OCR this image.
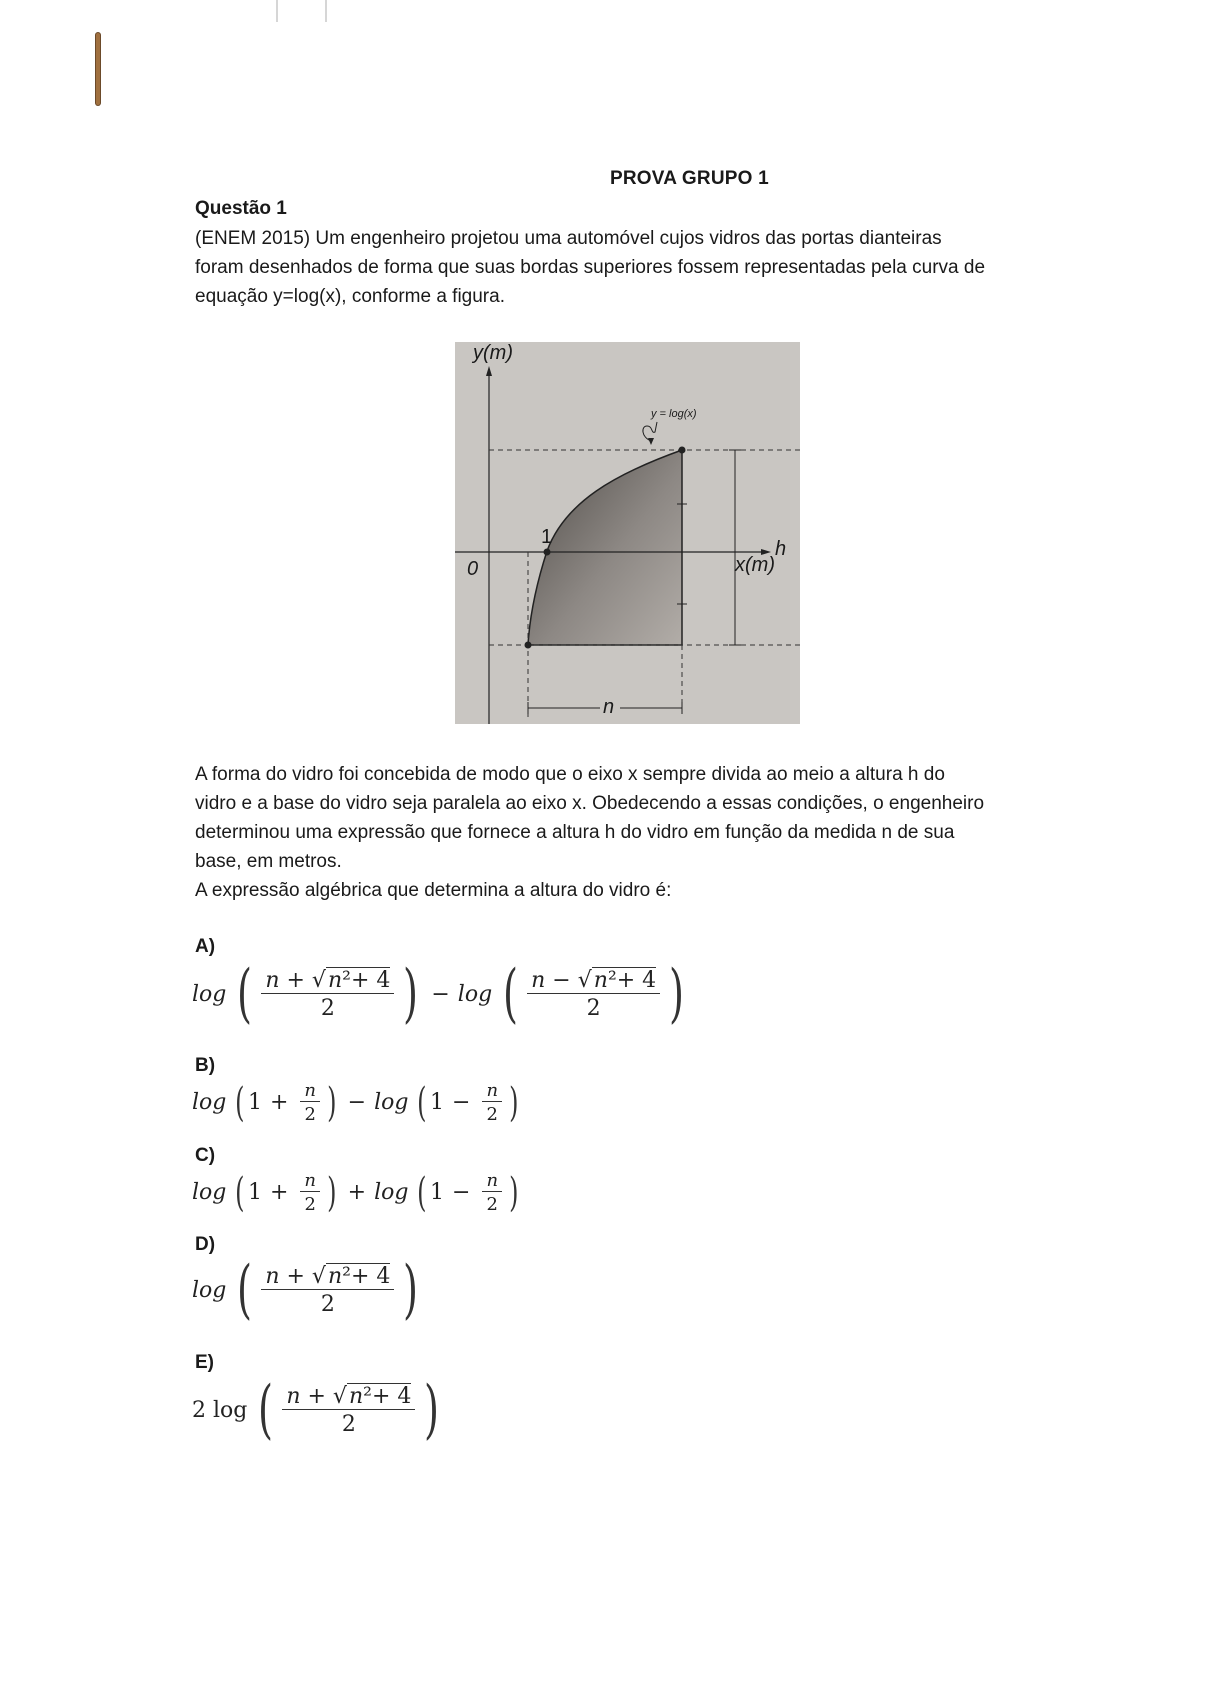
PROVA GRUPO 1
Questão 1
(ENEM 2015) Um engenheiro projetou uma automóvel cujos vidros das portas dianteiras
foram desenhados de forma que suas bordas superiores fossem representadas pela curva de
equação y=log(x), conforme a figura.
y(m)
x(m)
0
1
y = log(x)
h
n
A forma do vidro foi concebida de modo que o eixo x sempre divida ao meio a altura h do
vidro e a base do vidro seja paralela ao eixo x. Obedecendo a essas condições, o engenheiro
determinou uma expressão que fornece a altura h do vidro em função da medida n de sua
base, em metros.
A expressão algébrica que determina a altura do vidro é:
A)
log ( $\frac{\text{n + √n²+ 4}}{2}$ ) − log ( $\frac{\text{n − √n²+ 4}}{2}$ )
B)
log ( $1 + \frac{n}{2}$ ) − log ( $1 - \frac{n}{2}$ )
C)
log ( $1 + \frac{n}{2}$ ) + log ( $1 - \frac{n}{2}$ )
D)
log ( $\frac{\text{n + √n²+ 4}}{2}$ )
E)
2 log ( $\frac{\text{n + √n²+ 4}}{2}$ )
